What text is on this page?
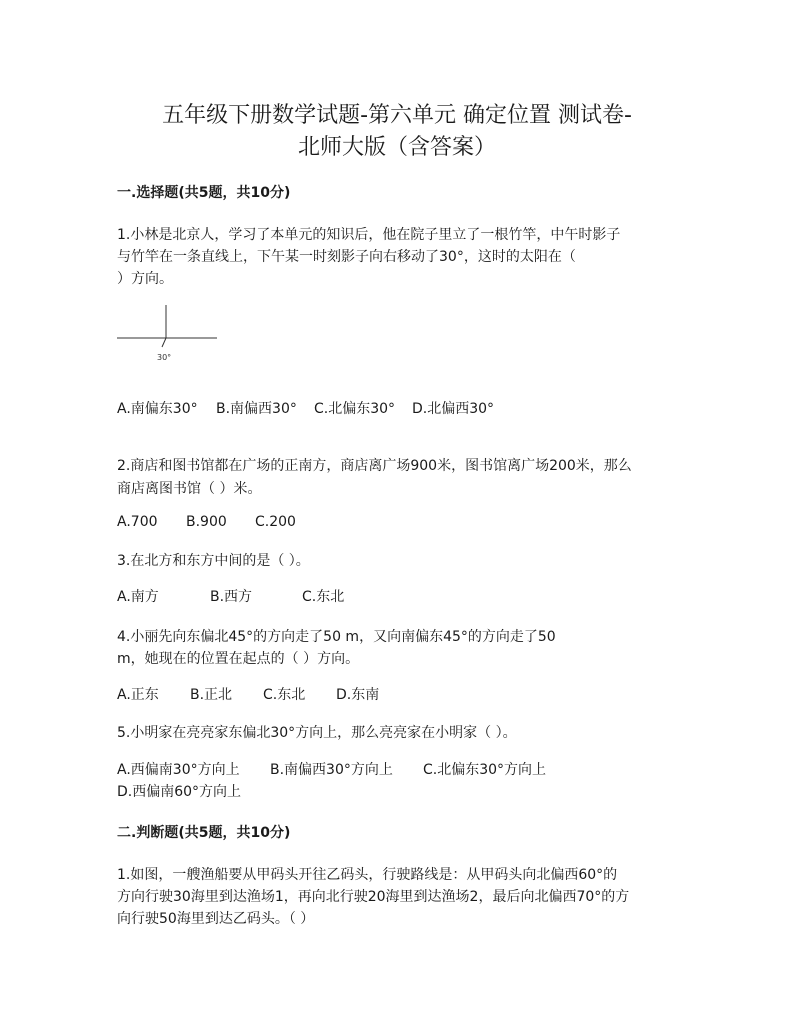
五年级下册数学试题-第六单元 确定位置 测试卷-
北师大版（含答案）
一.选择题(共5题，共10分)
1.小林是北京人，学习了本单元的知识后，他在院子里立了一根竹竿，中午时影子
与竹竿在一条直线上，下午某一时刻影子向右移动了30°，这时的太阳在（
）方向。
30°
A.南偏东30° B.南偏西30° C.北偏东30° D.北偏西30°
2.商店和图书馆都在广场的正南方，商店离广场900米，图书馆离广场200米，那么
商店离图书馆（ ）米。
A.700 B.900 C.200
3.在北方和东方中间的是（ ）。
A.南方	B.西方	C.东北
4.小丽先向东偏北45°的方向走了50 m，又向南偏东45°的方向走了50
m，她现在的位置在起点的（ ）方向。
A.正东 B.正北 C.东北 D.东南
5.小明家在亮亮家东偏北30°方向上，那么亮亮家在小明家（ ）。
A.西偏南30°方向上 B.南偏西30°方向上 C.北偏东30°方向上
D.西偏南60°方向上
二.判断题(共5题，共10分)
1.如图，一艘渔船要从甲码头开往乙码头，行驶路线是：从甲码头向北偏西60°的
方向行驶30海里到达渔场1，再向北行驶20海里到达渔场2，最后向北偏西70°的方
向行驶50海里到达乙码头。（ ）
